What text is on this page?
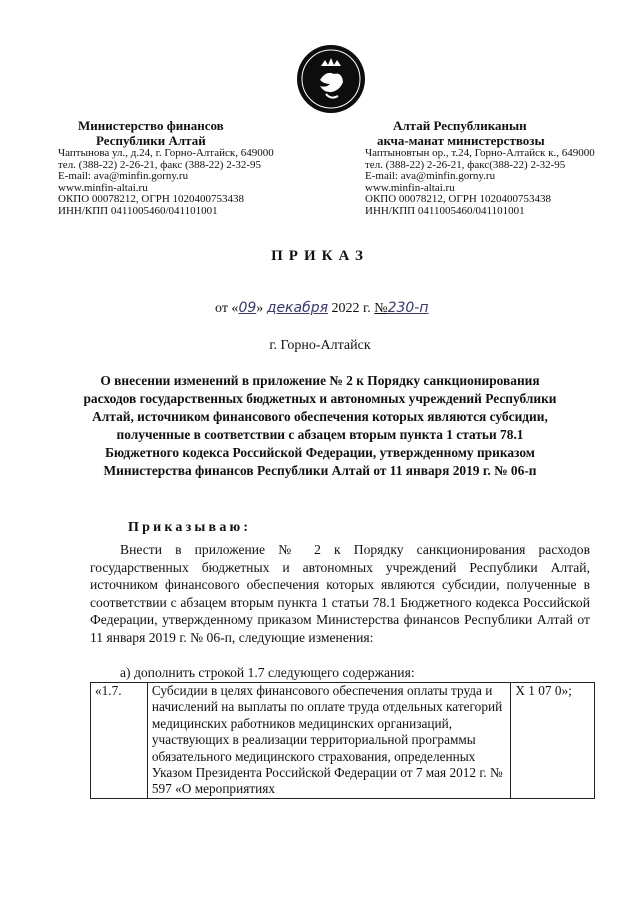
Министерство финансов
Республики Алтай
Чаптынова ул., д.24, г. Горно-Алтайск, 649000
тел. (388-22) 2-26-21, факс (388-22) 2-32-95
E-mail: ava@minfin.gorny.ru
www.minfin-altai.ru
ОКПО 00078212, ОГРН 1020400753438
ИНН/КПП 0411005460/041101001
Алтай Республиканын
акча-манат министерствозы
Чаптыновтын ор., т.24, Горно-Алтайск к., 649000
тел. (388-22) 2-26-21, факс(388-22) 2-32-95
E-mail: ava@minfin.gorny.ru
www.minfin-altai.ru
ОКПО 00078212, ОГРН 1020400753438
ИНН/КПП 0411005460/041101001
ПРИКАЗ
от «09» декабря 2022 г. №230-п
г. Горно-Алтайск
О внесении изменений в приложение № 2 к Порядку санкционирования расходов государственных бюджетных и автономных учреждений Республики Алтай, источником финансового обеспечения которых являются субсидии, полученные в соответствии с абзацем вторым пункта 1 статьи 78.1 Бюджетного кодекса Российской Федерации, утвержденному приказом Министерства финансов Республики Алтай от 11 января 2019 г. № 06-п
Приказываю:
Внести в приложение № 2 к Порядку санкционирования расходов государственных бюджетных и автономных учреждений Республики Алтай, источником финансового обеспечения которых являются субсидии, полученные в соответствии с абзацем вторым пункта 1 статьи 78.1 Бюджетного кодекса Российской Федерации, утвержденному приказом Министерства финансов Республики Алтай от 11 января 2019 г. № 06-п, следующие изменения:
а) дополнить строкой 1.7 следующего содержания:
«1.7.	Субсидии в целях финансового обеспечения оплаты труда и начислений на выплаты по оплате труда отдельных категорий медицинских работников медицинских организаций, участвующих в реализации территориальной программы обязательного медицинского страхования, определенных Указом Президента Российской Федерации от 7 мая 2012 г. № 597 «О мероприятиях	Х 1 07 0»;
